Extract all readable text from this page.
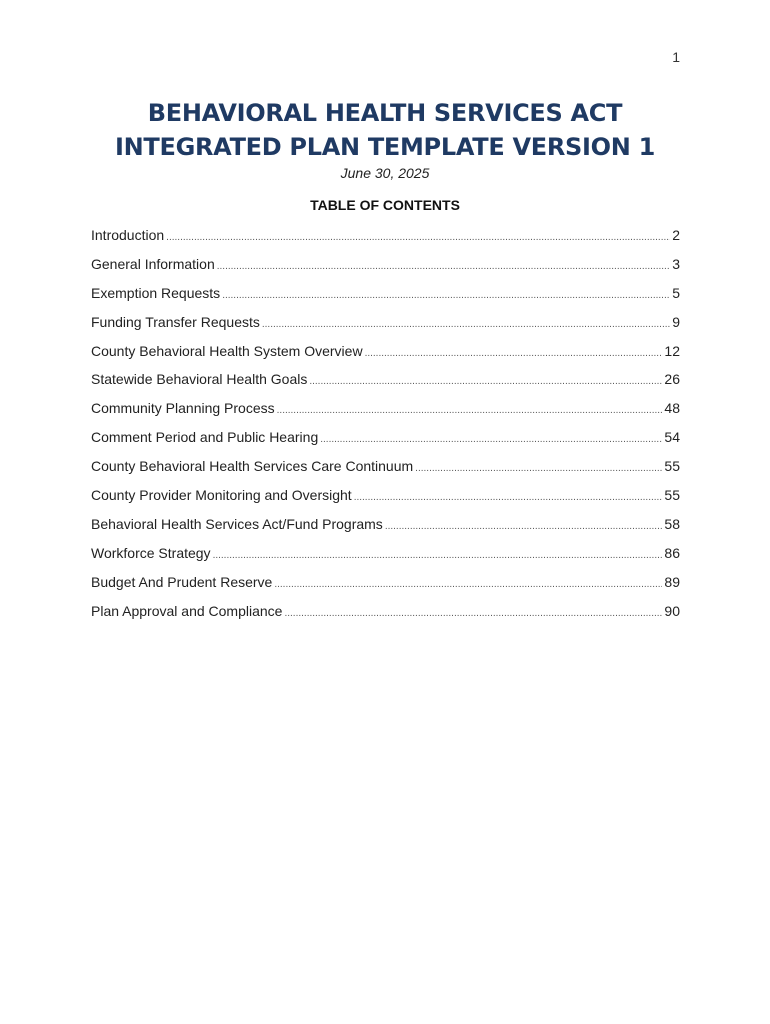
1
BEHAVIORAL HEALTH SERVICES ACT
INTEGRATED PLAN TEMPLATE VERSION 1
June 30, 2025
TABLE OF CONTENTS
Introduction .....	2
General Information .....	3
Exemption Requests .....	5
Funding Transfer Requests .....	9
County Behavioral Health System Overview .....	12
Statewide Behavioral Health Goals .....	26
Community Planning Process .....	48
Comment Period and Public Hearing .....	54
County Behavioral Health Services Care Continuum .....	55
County Provider Monitoring and Oversight .....	55
Behavioral Health Services Act/Fund Programs .....	58
Workforce Strategy .....	86
Budget And Prudent Reserve .....	89
Plan Approval and Compliance .....	90
